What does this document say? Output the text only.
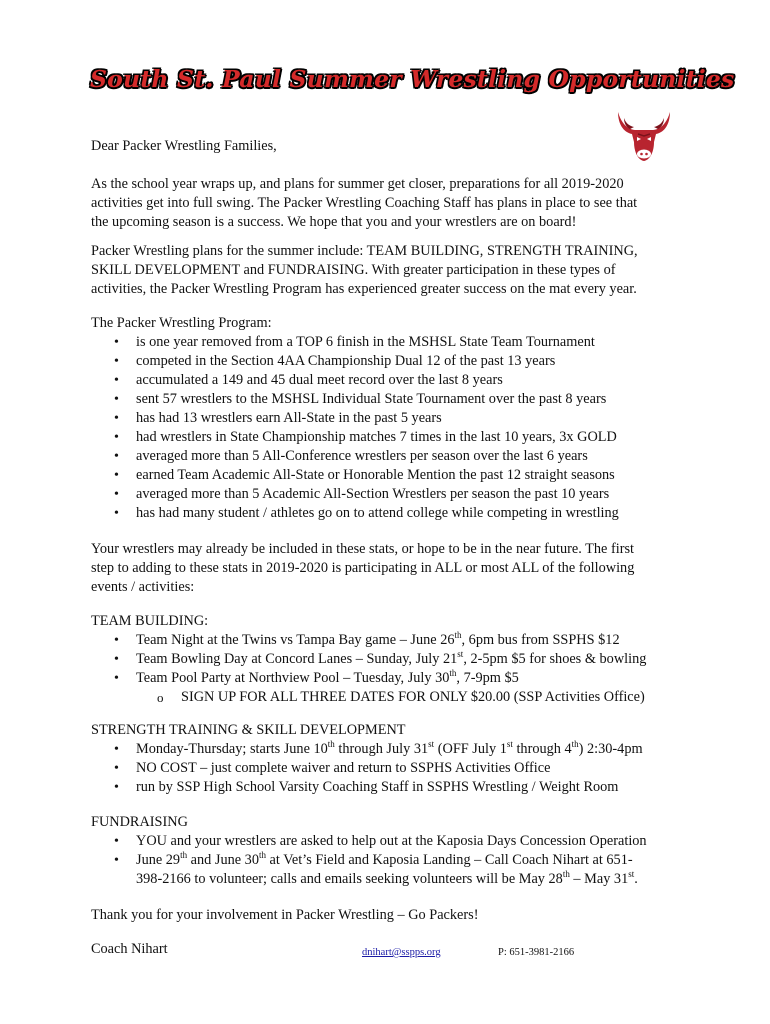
South St. Paul Summer Wrestling Opportunities

Dear Packer Wrestling Families,

As the school year wraps up, and plans for summer get closer, preparations for all 2019-2020

activities get into full swing. The Packer Wrestling Coaching Staff has plans in place to see that

the upcoming season is a success. We hope that you and your wrestlers are on board!

Packer Wrestling plans for the summer include: TEAM BUILDING, STRENGTH TRAINING,

SKILL DEVELOPMENT and FUNDRAISING. With greater participation in these types of

activities, the Packer Wrestling Program has experienced greater success on the mat every year.

The Packer Wrestling Program:

• is one year removed from a TOP 6 finish in the MSHSL State Team Tournament
• competed in the Section 4AA Championship Dual 12 of the past 13 years
• accumulated a 149 and 45 dual meet record over the last 8 years
• sent 57 wrestlers to the MSHSL Individual State Tournament over the past 8 years
• has had 13 wrestlers earn All-State in the past 5 years
• had wrestlers in State Championship matches 7 times in the last 10 years, 3x GOLD
• averaged more than 5 All-Conference wrestlers per season over the last 6 years
• earned Team Academic All-State or Honorable Mention the past 12 straight seasons
• averaged more than 5 Academic All-Section Wrestlers per season the past 10 years
• has had many student / athletes go on to attend college while competing in wrestling

Your wrestlers may already be included in these stats, or hope to be in the near future. The first

step to adding to these stats in 2019-2020 is participating in ALL or most ALL of the following

events / activities:

TEAM BUILDING:

• Team Night at the Twins vs Tampa Bay game – June 26th, 6pm bus from SSPHS $12
• Team Bowling Day at Concord Lanes – Sunday, July 21st, 2-5pm $5 for shoes & bowling
• Team Pool Party at Northview Pool – Tuesday, July 30th, 7-9pm $5
o SIGN UP FOR ALL THREE DATES FOR ONLY $20.00 (SSP Activities Office)

STRENGTH TRAINING & SKILL DEVELOPMENT

• Monday-Thursday; starts June 10th through July 31st (OFF July 1st through 4th) 2:30-4pm
• NO COST – just complete waiver and return to SSPHS Activities Office
• run by SSP High School Varsity Coaching Staff in SSPHS Wrestling / Weight Room

FUNDRAISING

• YOU and your wrestlers are asked to help out at the Kaposia Days Concession Operation
• June 29th and June 30th at Vet’s Field and Kaposia Landing – Call Coach Nihart at 651-
398-2166 to volunteer; calls and emails seeking volunteers will be May 28th – May 31st.

Thank you for your involvement in Packer Wrestling – Go Packers!

Coach Nihart	dnihart@sspps.org	P: 651-3981-2166
